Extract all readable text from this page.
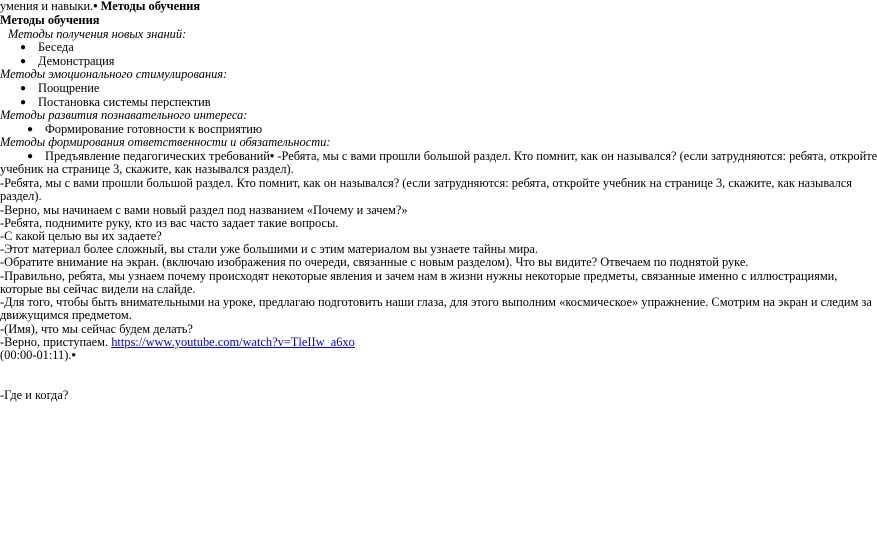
умения и навыки.• Методы обучения
Методы обучения
Методы получения новых знаний:
● Беседа
● Демонстрация
Методы эмоционального стимулирования:
● Поощрение
● Постановка системы перспектив
Методы развития познавательного интереса:
● Формирование готовности к восприятию
Методы формирования ответственности и обязательности:
● Предъявление педагогических требований• -Ребята, мы с вами прошли большой раздел. Кто помнит, как он назывался? (если затрудняются: ребята, откройте
учебник на странице 3, скажите, как назывался раздел).
-Ребята, мы с вами прошли большой раздел. Кто помнит, как он назывался? (если затрудняются: ребята, откройте учебник на странице 3, скажите, как назывался
раздел).
-Верно, мы начинаем с вами новый раздел под названием «Почему и зачем?»
-Ребята, поднимите руку, кто из вас часто задает такие вопросы.
-С какой целью вы их задаете?
-Этот материал более сложный, вы стали уже большими и с этим материалом вы узнаете тайны мира.
-Обратите внимание на экран. (включаю изображения по очереди, связанные с новым разделом). Что вы видите? Отвечаем по поднятой руке.
-Правильно, ребята, мы узнаем почему происходят некоторые явления и зачем нам в жизни нужны некоторые предметы, связанные именно с иллюстрациями,
которые вы сейчас видели на слайде.
-Для того, чтобы быть внимательными на уроке, предлагаю подготовить наши глаза, для этого выполним «космическое» упражнение. Смотрим на экран и следим за
движущимся предметом.
-(Имя), что мы сейчас будем делать?
-Верно, приступаем. https://www.youtube.com/watch?v=TleIIw_a6xo
(00:00-01:11).•
-Где и когда?
